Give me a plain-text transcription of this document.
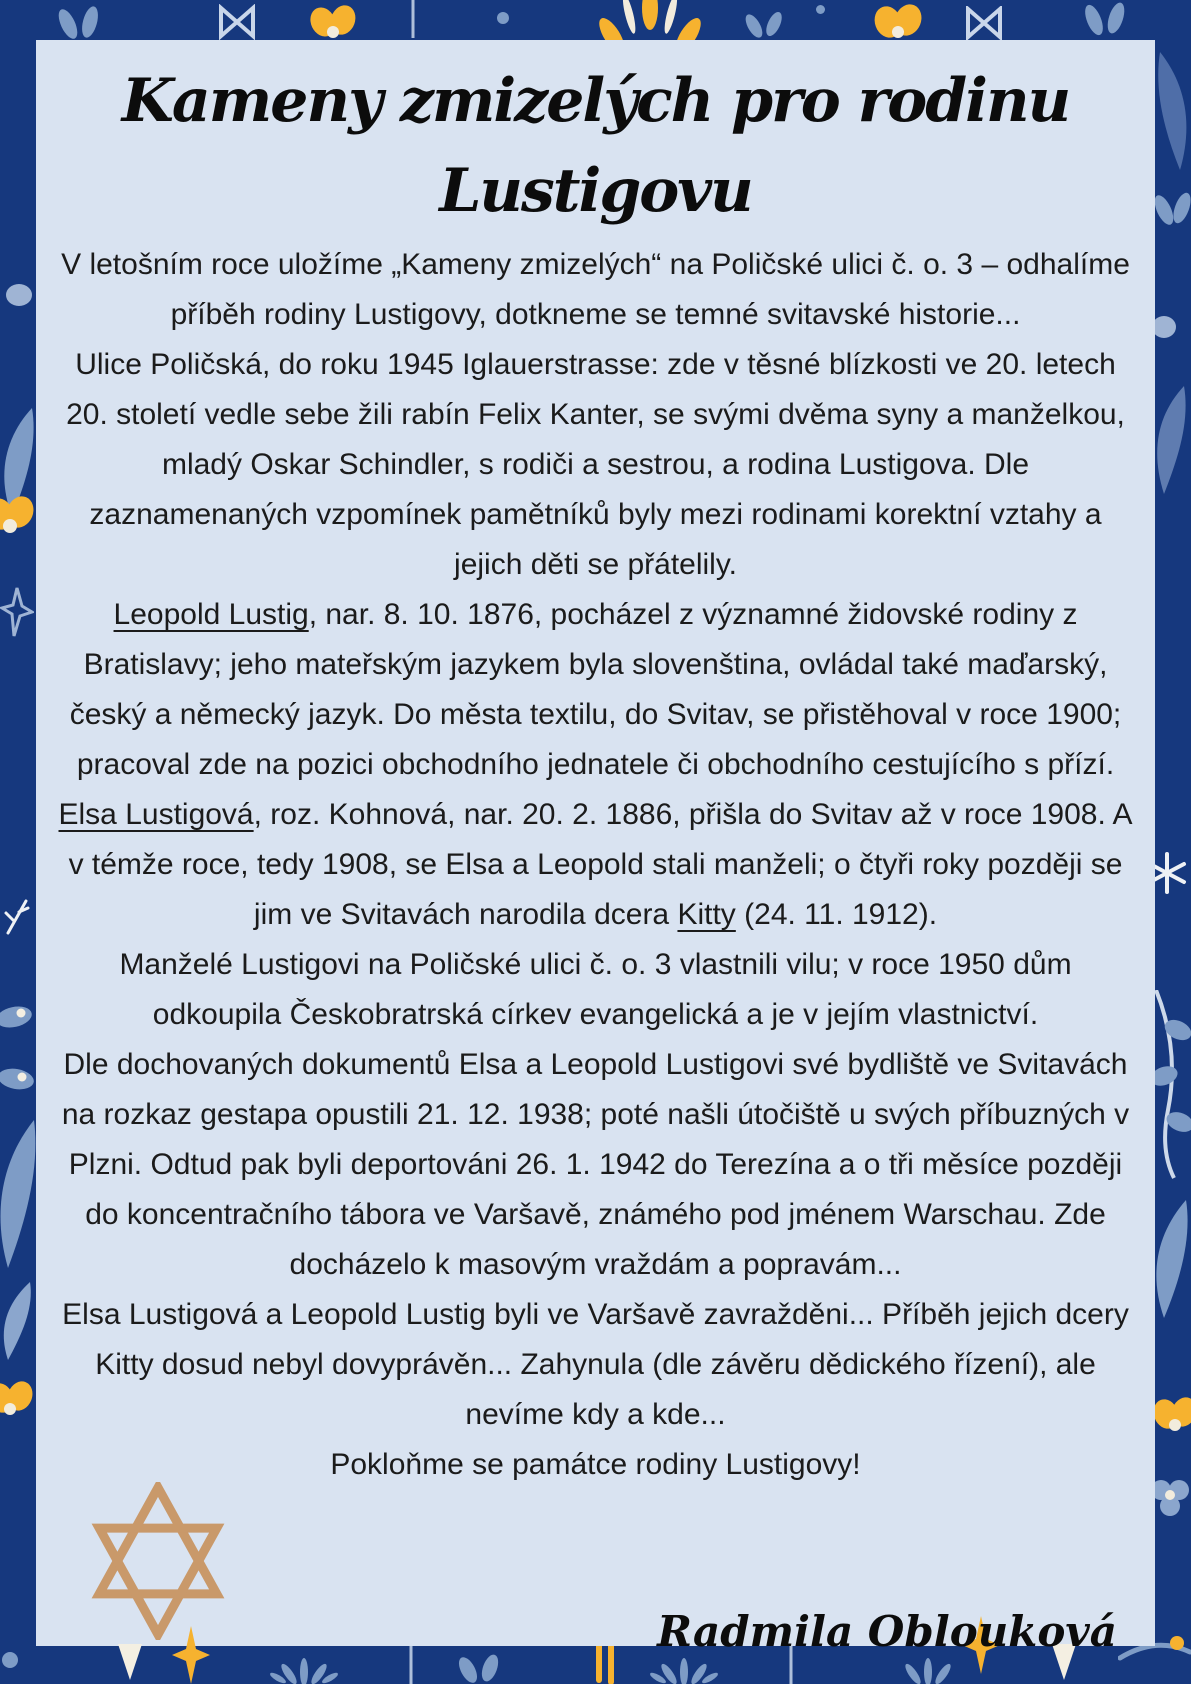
Kameny zmizelých pro rodinu Lustigovu

V letošním roce uložíme „Kameny zmizelých“ na Poličské ulici č. o. 3 – odhalíme příběh rodiny Lustigovy, dotkneme se temné svitavské historie...

Ulice Poličská, do roku 1945 Iglauerstrasse: zde v těsné blízkosti ve 20. letech 20. století vedle sebe žili rabín Felix Kanter, se svými dvěma syny a manželkou, mladý Oskar Schindler, s rodiči a sestrou, a rodina Lustigova. Dle zaznamenaných vzpomínek pamětníků byly mezi rodinami korektní vztahy a jejich děti se přátelily.

Leopold Lustig, nar. 8. 10. 1876, pocházel z významné židovské rodiny z Bratislavy; jeho mateřským jazykem byla slovenština, ovládal také maďarský, český a německý jazyk. Do města textilu, do Svitav, se přistěhoval v roce 1900; pracoval zde na pozici obchodního jednatele či obchodního cestujícího s přízí.

Elsa Lustigová, roz. Kohnová, nar. 20. 2. 1886, přišla do Svitav až v roce 1908. A v témže roce, tedy 1908, se Elsa a Leopold stali manželi; o čtyři roky později se jim ve Svitavách narodila dcera Kitty (24. 11. 1912).

Manželé Lustigovi na Poličské ulici č. o. 3 vlastnili vilu; v roce 1950 dům odkoupila Českobratrská církev evangelická a je v jejím vlastnictví.

Dle dochovaných dokumentů Elsa a Leopold Lustigovi své bydliště ve Svitavách na rozkaz gestapa opustili 21. 12. 1938; poté našli útočiště u svých příbuzných v Plzni. Odtud pak byli deportováni 26. 1. 1942 do Terezína a o tři měsíce později do koncentračního tábora ve Varšavě, známého pod jménem Warschau. Zde docházelo k masovým vraždám a popravám...

Elsa Lustigová a Leopold Lustig byli ve Varšavě zavražděni... Příběh jejich dcery Kitty dosud nebyl dovyprávěn... Zahynula (dle závěru dědického řízení), ale nevíme kdy a kde...

Pokloňme se památce rodiny Lustigovy!

Radmila Oblouková
